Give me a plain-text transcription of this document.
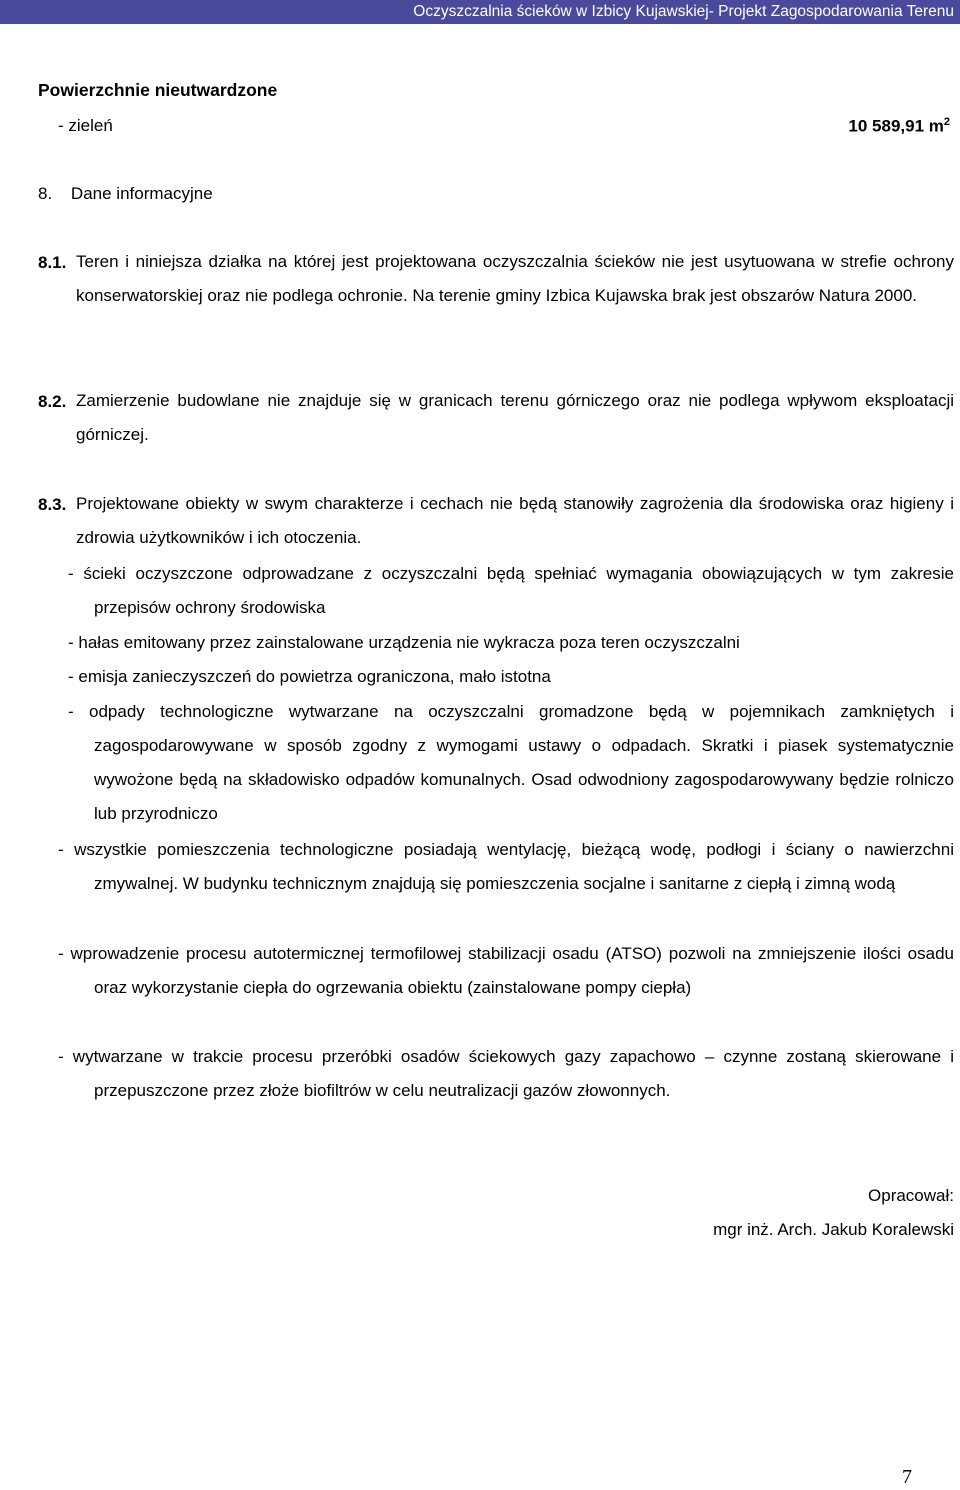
Oczyszczalnia ścieków w Izbicy Kujawskiej- Projekt Zagospodarowania Terenu
Powierzchnie nieutwardzone
- zieleń	10 589,91 $m^2$
8. Dane informacyjne
8.1. Teren i niniejsza działka na której jest projektowana oczyszczalnia ścieków nie jest usytuowana w strefie ochrony konserwatorskiej oraz nie podlega ochronie. Na terenie gminy Izbica Kujawska brak jest obszarów Natura 2000.
8.2. Zamierzenie budowlane nie znajduje się w granicach terenu górniczego oraz nie podlega wpływom eksploatacji górniczej.
8.3. Projektowane obiekty w swym charakterze i cechach nie będą stanowiły zagrożenia dla środowiska oraz higieny i zdrowia użytkowników i ich otoczenia.
- ścieki oczyszczone odprowadzane z oczyszczalni będą spełniać wymagania obowiązujących w tym zakresie przepisów ochrony środowiska
- hałas emitowany przez zainstalowane urządzenia nie wykracza poza teren oczyszczalni
- emisja zanieczyszczeń do powietrza ograniczona, mało istotna
- odpady technologiczne wytwarzane na oczyszczalni gromadzone będą w pojemnikach zamkniętych i zagospodarowywane w sposób zgodny z wymogami ustawy o odpadach. Skratki i piasek systematycznie wywożone będą na składowisko odpadów komunalnych. Osad odwodniony zagospodarowywany będzie rolniczo lub przyrodniczo
- wszystkie pomieszczenia technologiczne posiadają wentylację, bieżącą wodę, podłogi i ściany o nawierzchni zmywalnej. W budynku technicznym znajdują się pomieszczenia socjalne i sanitarne z ciepłą i zimną wodą
- wprowadzenie procesu autotermicznej termofilowej stabilizacji osadu (ATSO) pozwoli na zmniejszenie ilości osadu oraz wykorzystanie ciepła do ogrzewania obiektu (zainstalowane pompy ciepła)
- wytwarzane w trakcie procesu przeróbki osadów ściekowych gazy zapachowo – czynne zostaną skierowane i przepuszczone przez złoże biofiltrów w celu neutralizacji gazów złowonnych.
Opracował:
mgr inż. Arch. Jakub Koralewski
7
